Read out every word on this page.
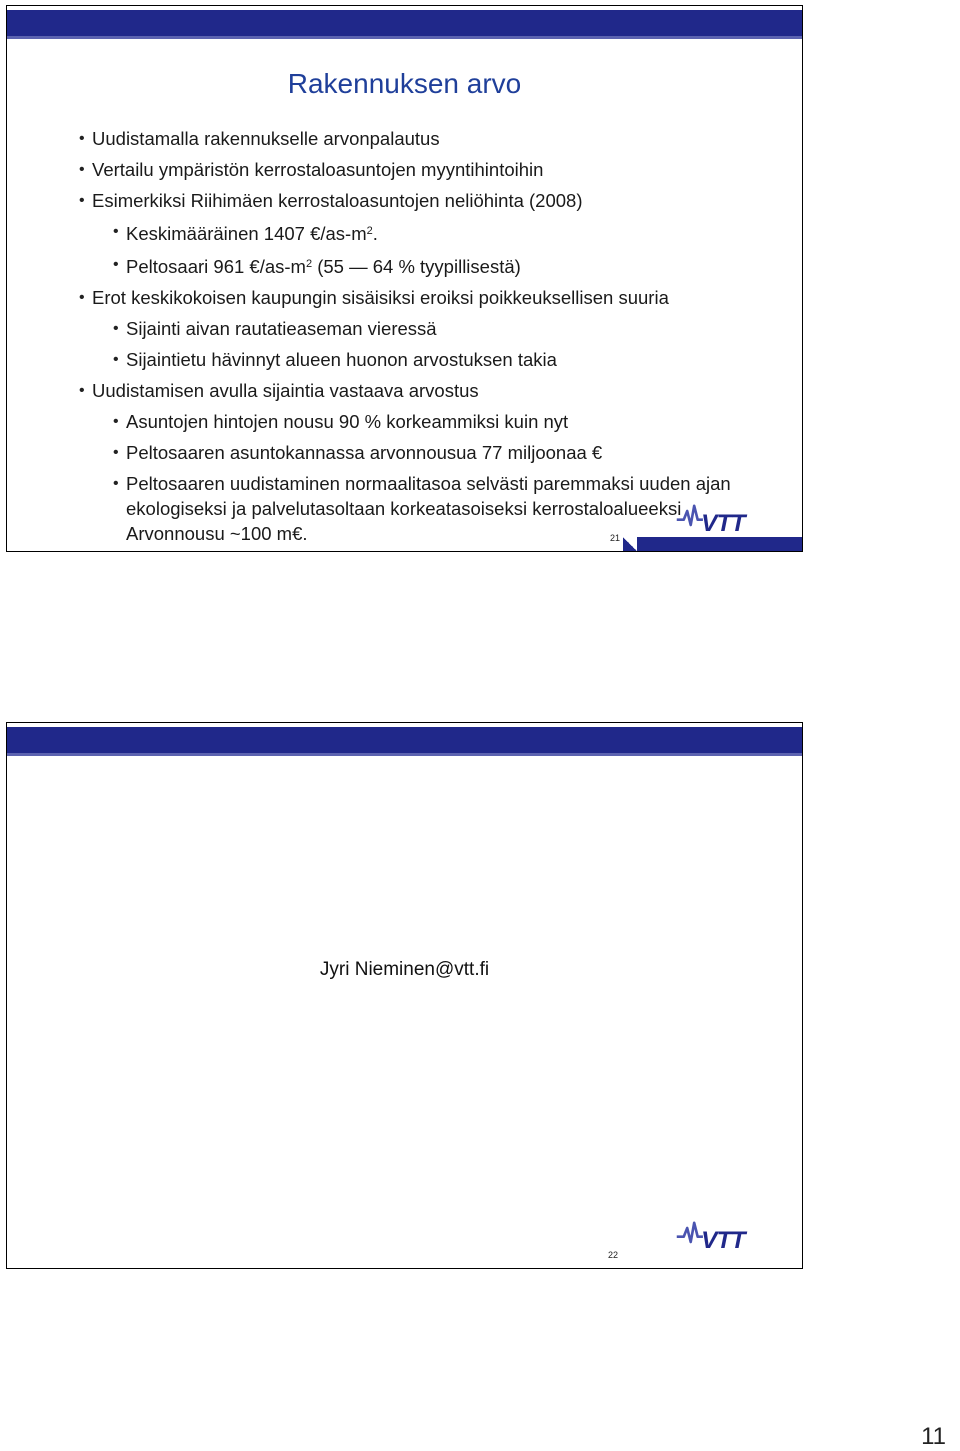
Rakennuksen arvo
• Uudistamalla rakennukselle arvonpalautus
• Vertailu ympäristön kerrostaloasuntojen myyntihintoihin
• Esimerkiksi Riihimäen kerrostaloasuntojen neliöhinta (2008)
• Keskimääräinen 1407 $€/as-m^2$.
• Peltosaari 961 $€/as-m^2$ (55 — 64 % tyypillisestä)
• Erot keskikokoisen kaupungin sisäisiksi eroiksi poikkeuksellisen suuria
• Sijainti aivan rautatieaseman vieressä
• Sijaintietu hävinnyt alueen huonon arvostuksen takia
• Uudistamisen avulla sijaintia vastaava arvostus
• Asuntojen hintojen nousu 90 % korkeammiksi kuin nyt
• Peltosaaren asuntokannassa arvonnousua 77 miljoonaa €
• Peltosaaren uudistaminen normaalitasoa selvästi paremmaksi uuden ajan ekologiseksi ja palvelutasoltaan korkeatasoiseksi kerrostaloalueeksi
Arvonnousu ~100 m€.	21
VTT
Jyri Nieminen@vtt.fi
22
VTT
11
